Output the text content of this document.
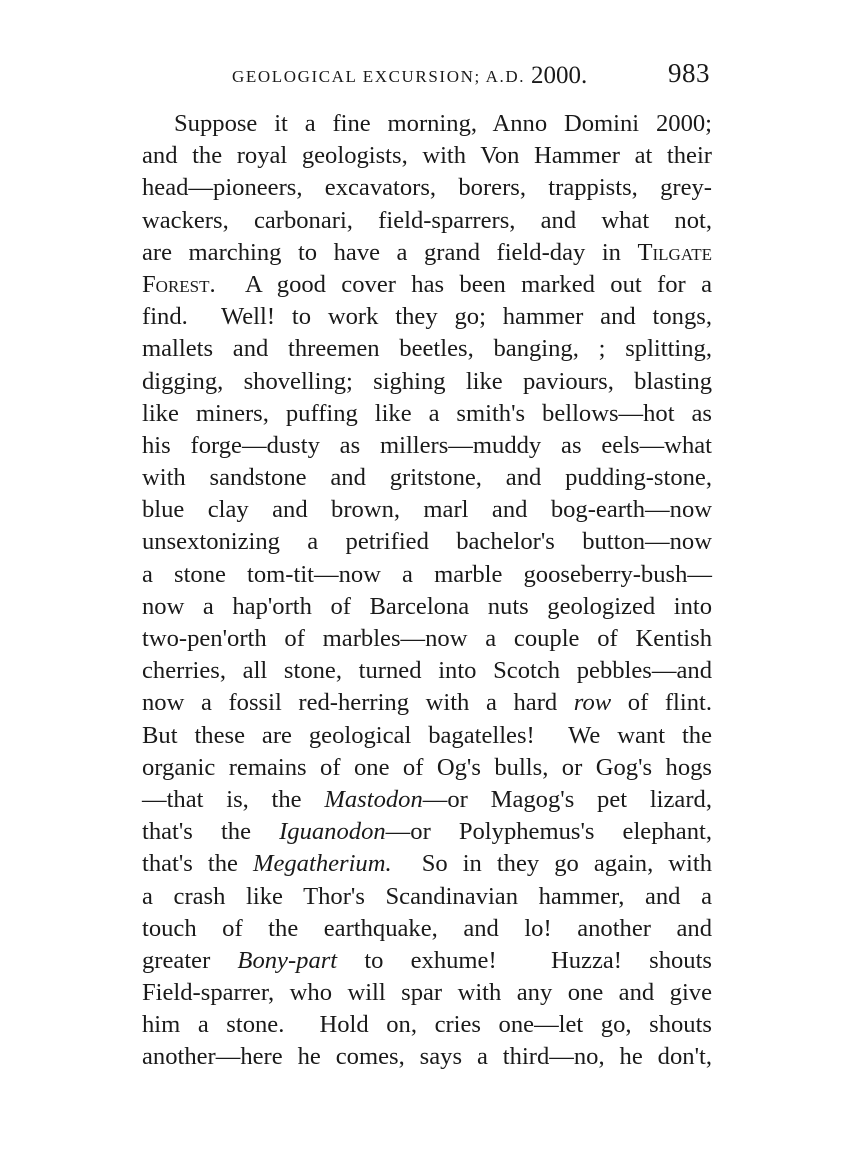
GEOLOGICAL EXCURSION; A.D. 2000.	983
Suppose it a fine morning, Anno Domini 2000;
and the royal geologists, with Von Hammer at their
head—pioneers, excavators, borers, trappists, grey-
wackers, carbonari, field-sparrers, and what not,
are marching to have a grand field-day in Tilgate
Forest.  A good cover has been marked out for a
find.  Well! to work they go; hammer and tongs,
mallets and threemen beetles, banging, ; splitting,
digging, shovelling; sighing like paviours, blasting
like miners, puffing like a smith's bellows—hot as
his forge—dusty as millers—muddy as eels—what
with sandstone and gritstone, and pudding-stone,
blue clay and brown, marl and bog-earth—now
unsextonizing a petrified bachelor's button—now
a stone tom-tit—now a marble gooseberry-bush—
now a hap'orth of Barcelona nuts geologized into
two-pen'orth of marbles—now a couple of Kentish
cherries, all stone, turned into Scotch pebbles—and
now a fossil red-herring with a hard row of flint.
But these are geological bagatelles!  We want the
organic remains of one of Og's bulls, or Gog's hogs
—that is, the Mastodon—or Magog's pet lizard,
that's the Iguanodon—or Polyphemus's elephant,
that's the Megatherium.  So in they go again, with
a crash like Thor's Scandinavian hammer, and a
touch of the earthquake, and lo! another and
greater Bony-part to exhume!  Huzza! shouts
Field-sparrer, who will spar with any one and give
him a stone.  Hold on, cries one—let go, shouts
another—here he comes, says a third—no, he don't,
